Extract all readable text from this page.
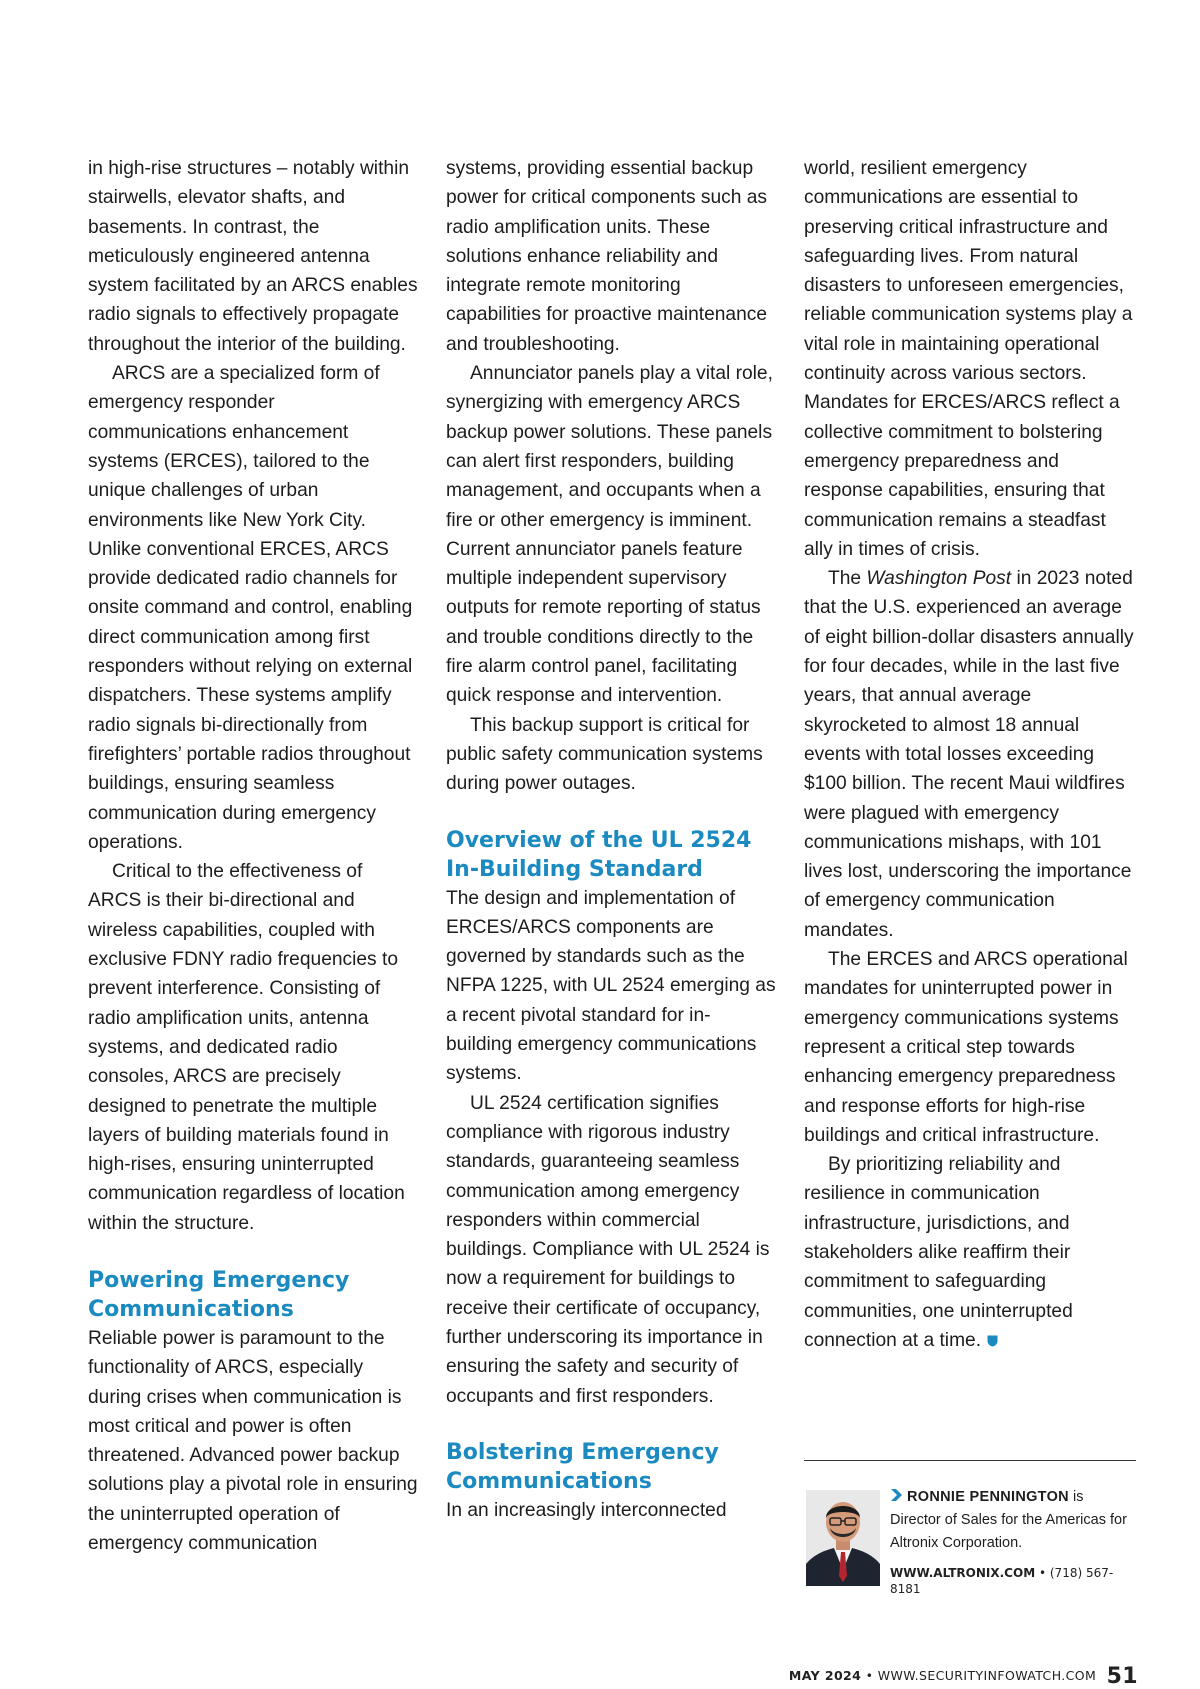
in high-rise structures – notably within stairwells, elevator shafts, and basements. In contrast, the meticulously engineered antenna system facilitated by an ARCS enables radio signals to effectively propagate throughout the interior of the building.

ARCS are a specialized form of emergency responder communications enhancement systems (ERCES), tailored to the unique challenges of urban environments like New York City. Unlike conventional ERCES, ARCS provide dedicated radio channels for onsite command and control, enabling direct communication among first responders without relying on external dispatchers. These systems amplify radio signals bi-directionally from firefighters’ portable radios throughout buildings, ensuring seamless communication during emergency operations.

Critical to the effectiveness of ARCS is their bi-directional and wireless capabilities, coupled with exclusive FDNY radio frequencies to prevent interference. Consisting of radio amplification units, antenna systems, and dedicated radio consoles, ARCS are precisely designed to penetrate the multiple layers of building materials found in high-rises, ensuring uninterrupted communication regardless of location within the structure.

Powering Emergency Communications

Reliable power is paramount to the functionality of ARCS, especially during crises when communication is most critical and power is often threatened. Advanced power backup solutions play a pivotal role in ensuring the uninterrupted operation of emergency communication

systems, providing essential backup power for critical components such as radio amplification units. These solutions enhance reliability and integrate remote monitoring capabilities for proactive maintenance and troubleshooting.

Annunciator panels play a vital role, synergizing with emergency ARCS backup power solutions. These panels can alert first responders, building management, and occupants when a fire or other emergency is imminent. Current annunciator panels feature multiple independent supervisory outputs for remote reporting of status and trouble conditions directly to the fire alarm control panel, facilitating quick response and intervention.

This backup support is critical for public safety communication systems during power outages.

Overview of the UL 2524 In-Building Standard

The design and implementation of ERCES/ARCS components are governed by standards such as the NFPA 1225, with UL 2524 emerging as a recent pivotal standard for in-building emergency communications systems.

UL 2524 certification signifies compliance with rigorous industry standards, guaranteeing seamless communication among emergency responders within commercial buildings. Compliance with UL 2524 is now a requirement for buildings to receive their certificate of occupancy, further underscoring its importance in ensuring the safety and security of occupants and first responders.

Bolstering Emergency Communications

In an increasingly interconnected

world, resilient emergency communications are essential to preserving critical infrastructure and safeguarding lives. From natural disasters to unforeseen emergencies, reliable communication systems play a vital role in maintaining operational continuity across various sectors. Mandates for ERCES/ARCS reflect a collective commitment to bolstering emergency preparedness and response capabilities, ensuring that communication remains a steadfast ally in times of crisis.

The Washington Post in 2023 noted that the U.S. experienced an average of eight billion-dollar disasters annually for four decades, while in the last five years, that annual average skyrocketed to almost 18 annual events with total losses exceeding $100 billion. The recent Maui wildfires were plagued with emergency communications mishaps, with 101 lives lost, underscoring the importance of emergency communication mandates.

The ERCES and ARCS operational mandates for uninterrupted power in emergency communications systems represent a critical step towards enhancing emergency preparedness and response efforts for high-rise buildings and critical infrastructure.

By prioritizing reliability and resilience in communication infrastructure, jurisdictions, and stakeholders alike reaffirm their commitment to safeguarding communities, one uninterrupted connection at a time.

RONNIE PENNINGTON is
Director of Sales for the Americas for Altronix Corporation.
WWW.ALTRONIX.COM • (718) 567-8181
MAY 2024 • WWW.SECURITYINFOWATCH.COM 51
